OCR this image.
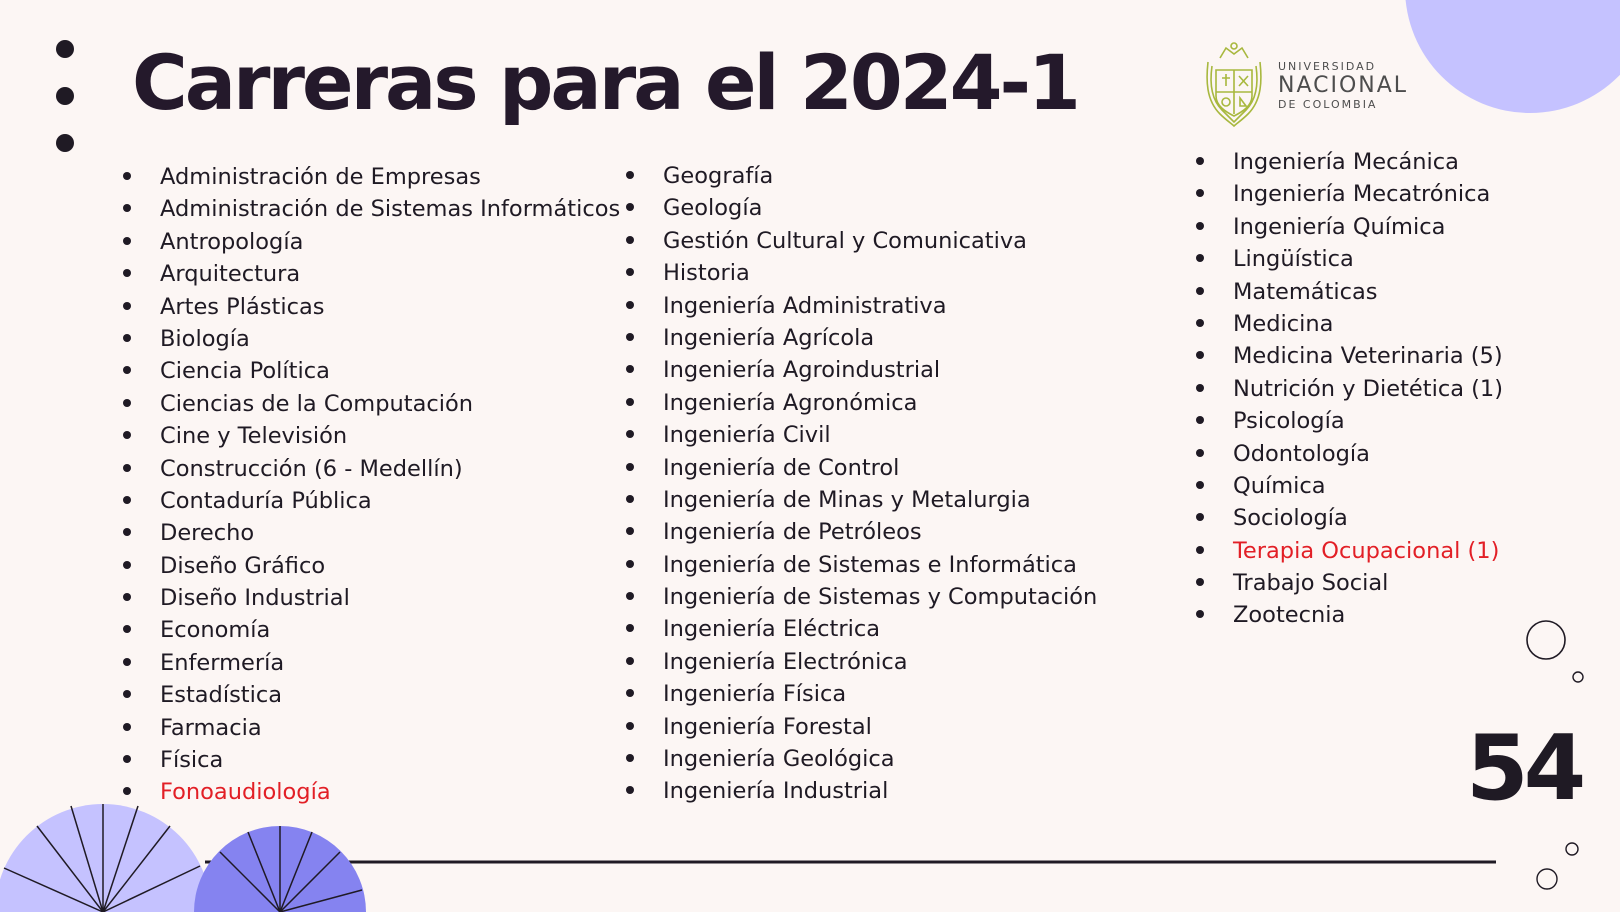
Carreras para el 2024-1	UNIVERSIDAD
NACIONAL
DE COLOMBIA
Administración de Empresas
Administración de Sistemas Informáticos
Antropología
Arquitectura
Artes Plásticas
Biología
Ciencia Política
Ciencias de la Computación
Cine y Televisión
Construcción (6 - Medellín)
Contaduría Pública
Derecho
Diseño Gráfico
Diseño Industrial
Economía
Enfermería
Estadística
Farmacia
Física
Fonoaudiología
Geografía
Geología
Gestión Cultural y Comunicativa
Historia
Ingeniería Administrativa
Ingeniería Agrícola
Ingeniería Agroindustrial
Ingeniería Agronómica
Ingeniería Civil
Ingeniería de Control
Ingeniería de Minas y Metalurgia
Ingeniería de Petróleos
Ingeniería de Sistemas e Informática
Ingeniería de Sistemas y Computación
Ingeniería Eléctrica
Ingeniería Electrónica
Ingeniería Física
Ingeniería Forestal
Ingeniería Geológica
Ingeniería Industrial
Ingeniería Mecánica
Ingeniería Mecatrónica
Ingeniería Química
Lingüística
Matemáticas
Medicina
Medicina Veterinaria (5)
Nutrición y Dietética (1)
Psicología
Odontología
Química
Sociología
Terapia Ocupacional (1)
Trabajo Social
Zootecnia
54
